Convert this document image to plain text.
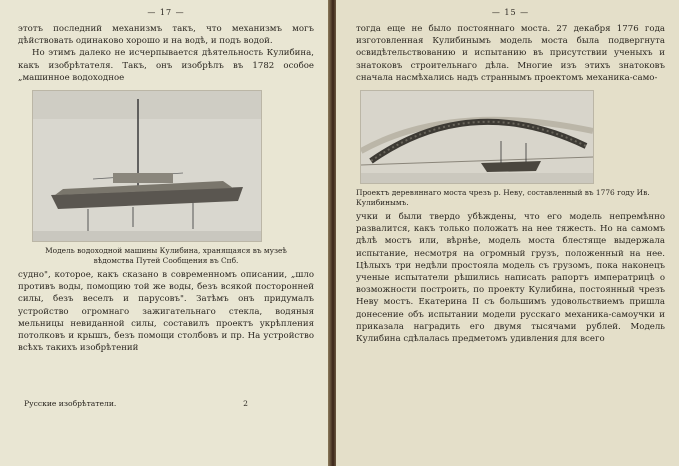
— 17 —

этотъ последний механизмъ такъ, что механизмъ могъ дѣйствовать одинаково хорошо и на водѣ, и подъ водой.

Но этимъ далеко не исчерпывается дѣятельность Кулибина, какъ изобрѣтателя. Такъ, онъ изобрѣлъ въ 1782 особое „машинное водоходное

Модель водоходной машины Кулибина, хранящаяся въ музеѣ вѣдомства Путей Сообщения въ Спб.

судно", которое, какъ сказано в современномъ описании, „шло противъ воды, помощию той же воды, безъ всякой посторонней силы, безъ веселъ и парусовъ". Затѣмъ онъ придумалъ устройство огромнаго зажигательнаго стекла, водяныя мельницы невиданной силы, составилъ проектъ укрѣпления потолковъ и крышъ, безъ помощи столбовъ и пр. На устройство всѣхъ такихъ изобрѣтений

Русские изобрѣтатели.	2
— 15 —

тогда еще не было постояннаго моста. 27 декабря 1776 года изготовленная Кулибинымъ модель моста была подвергнута освидѣтельствованию и испытанию въ присутствии ученыхъ и знатоковъ строительнаго дѣла. Многие изъ этихъ знатоковъ сначала насмѣхались надъ страннымъ проектомъ механика-само-

Проектъ деревяннаго моста чрезъ р. Неву, составленный въ 1776 году Ив. Кулибинымъ.

учки и были твердо убѣждены, что его модель непремѣнно развалится, какъ только положатъ на нее тяжесть. Но на самомъ дѣлѣ мостъ или, вѣрнѣе, модель моста блестяще выдержала испытание, несмотря на огромный грузъ, положенный на нее. Цѣлыхъ три недѣли простояла модель съ грузомъ, пока наконецъ ученые испытатели рѣшились написать рапортъ императрицѣ о возможности построить, по проекту Кулибина, постоянный чрезъ Неву мостъ. Екатерина II съ большимъ удовольствиемъ пришла донесение объ испытании модели русскаго механика-самоучки и приказала наградить его двумя тысячами рублей. Модель Кулибина сдѣлалась предметомъ удивления для всего
